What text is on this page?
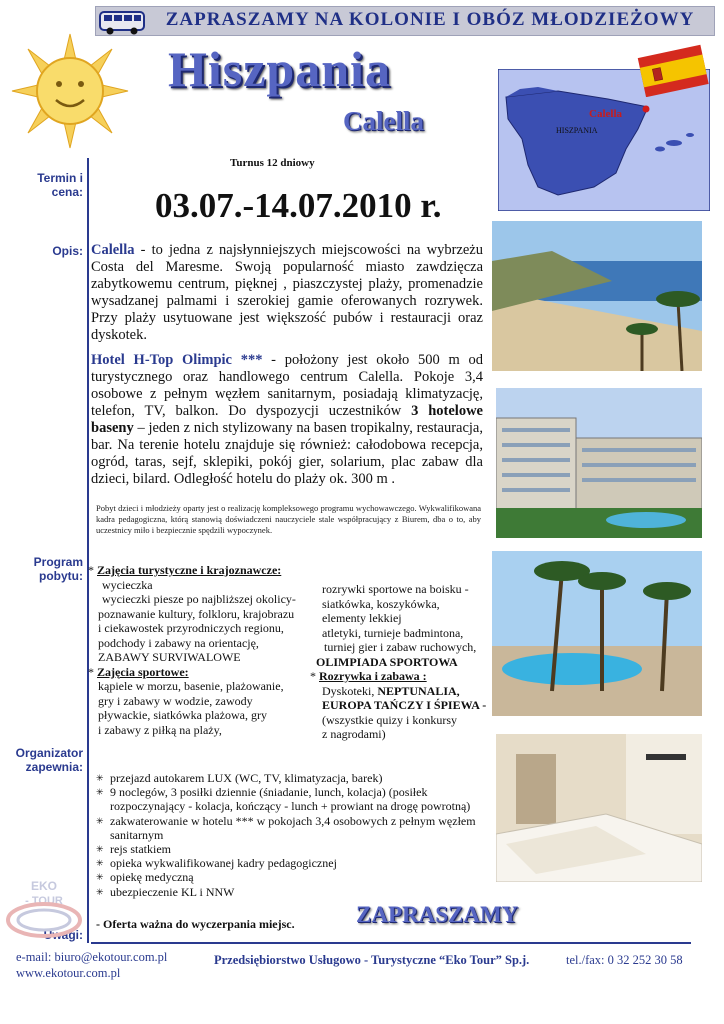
ZAPRASZAMY NA KOLONIE I OBÓZ MŁODZIEŻOWY
Hiszpania
Calella	Calella
HISZPANIA
Termin i cena:
Opis:
Program pobytu:
Organizator zapewnia:
Uwagi:
EKO
- TOUR
Turnus 12 dniowy
03.07.-14.07.2010 r.
Calella - to jedna z najsłynniejszych miejscowości na wybrzeżu Costa del Maresme. Swoją popularność miasto zawdzięcza zabytkowemu centrum, pięknej , piaszczystej plaży, promenadzie wysadzanej palmami i szerokiej gamie oferowanych rozrywek. Przy plaży usytuowane jest większość pubów i restauracji oraz dyskotek.
Hotel H-Top Olimpic *** - położony jest około 500 m od turystycznego oraz handlowego centrum Calella. Pokoje 3,4 osobowe z pełnym węzłem sanitarnym, posiadają klimatyzację, telefon, TV, balkon. Do dyspozycji uczestników 3 hotelowe baseny – jeden z nich stylizowany na basen tropikalny, restauracja, bar. Na terenie hotelu znajduje się również: całodobowa recepcja, ogród, taras, sejf, sklepiki, pokój gier, solarium, plac zabaw dla dzieci, bilard. Odległość hotelu do plaży ok. 300 m .
Pobyt dzieci i młodzieży oparty jest o realizację kompleksowego programu wychowawczego. Wykwalifikowana kadra pedagogiczna, którą stanowią doświadczeni nauczyciele stale współpracujący z Biurem, dba o to, aby uczestnicy miło i bezpiecznie spędzili wypoczynek.
* Zajęcia turystyczne i krajoznawcze:
wycieczka
wycieczki piesze po najbliższej okolicy-
poznawanie kultury, folkloru, krajobrazu
i ciekawostek przyrodniczych regionu,
podchody i zabawy na orientację,
ZABAWY SURVIWALOWE
* Zajęcia sportowe:
kąpiele w morzu, basenie, plażowanie,
gry i zabawy w wodzie, zawody
pływackie, siatkówka plażowa, gry
i zabawy z piłką na plaży,
rozrywki sportowe na boisku -
siatkówka, koszykówka,
elementy lekkiej
atletyki, turnieje badmintona,
turniej gier i zabaw ruchowych,
OLIMPIADA SPORTOWA
* Rozrywka i zabawa :
Dyskoteki, NEPTUNALIA,
EUROPA TAŃCZY I ŚPIEWA -
(wszystkie quizy i konkursy
z nagrodami)
✳ przejazd autokarem LUX (WC, TV, klimatyzacja, barek)
✳ 9 noclegów, 3 posiłki dziennie (śniadanie, lunch, kolacja) (posiłek rozpoczynający - kolacja, kończący - lunch + prowiant na drogę powrotną)
✳ zakwaterowanie w hotelu *** w pokojach 3,4 osobowych z pełnym węzłem sanitarnym
✳ rejs statkiem
✳ opieka wykwalifikowanej kadry pedagogicznej
✳ opiekę medyczną
✳ ubezpieczenie KL i NNW
- Oferta ważna do wyczerpania miejsc.	ZAPRASZAMY
e-mail: biuro@ekotour.com.pl
www.ekotour.com.pl
Przedsiębiorstwo Usługowo - Turystyczne “Eko Tour” Sp.j.	tel./fax: 0 32 252 30 58
